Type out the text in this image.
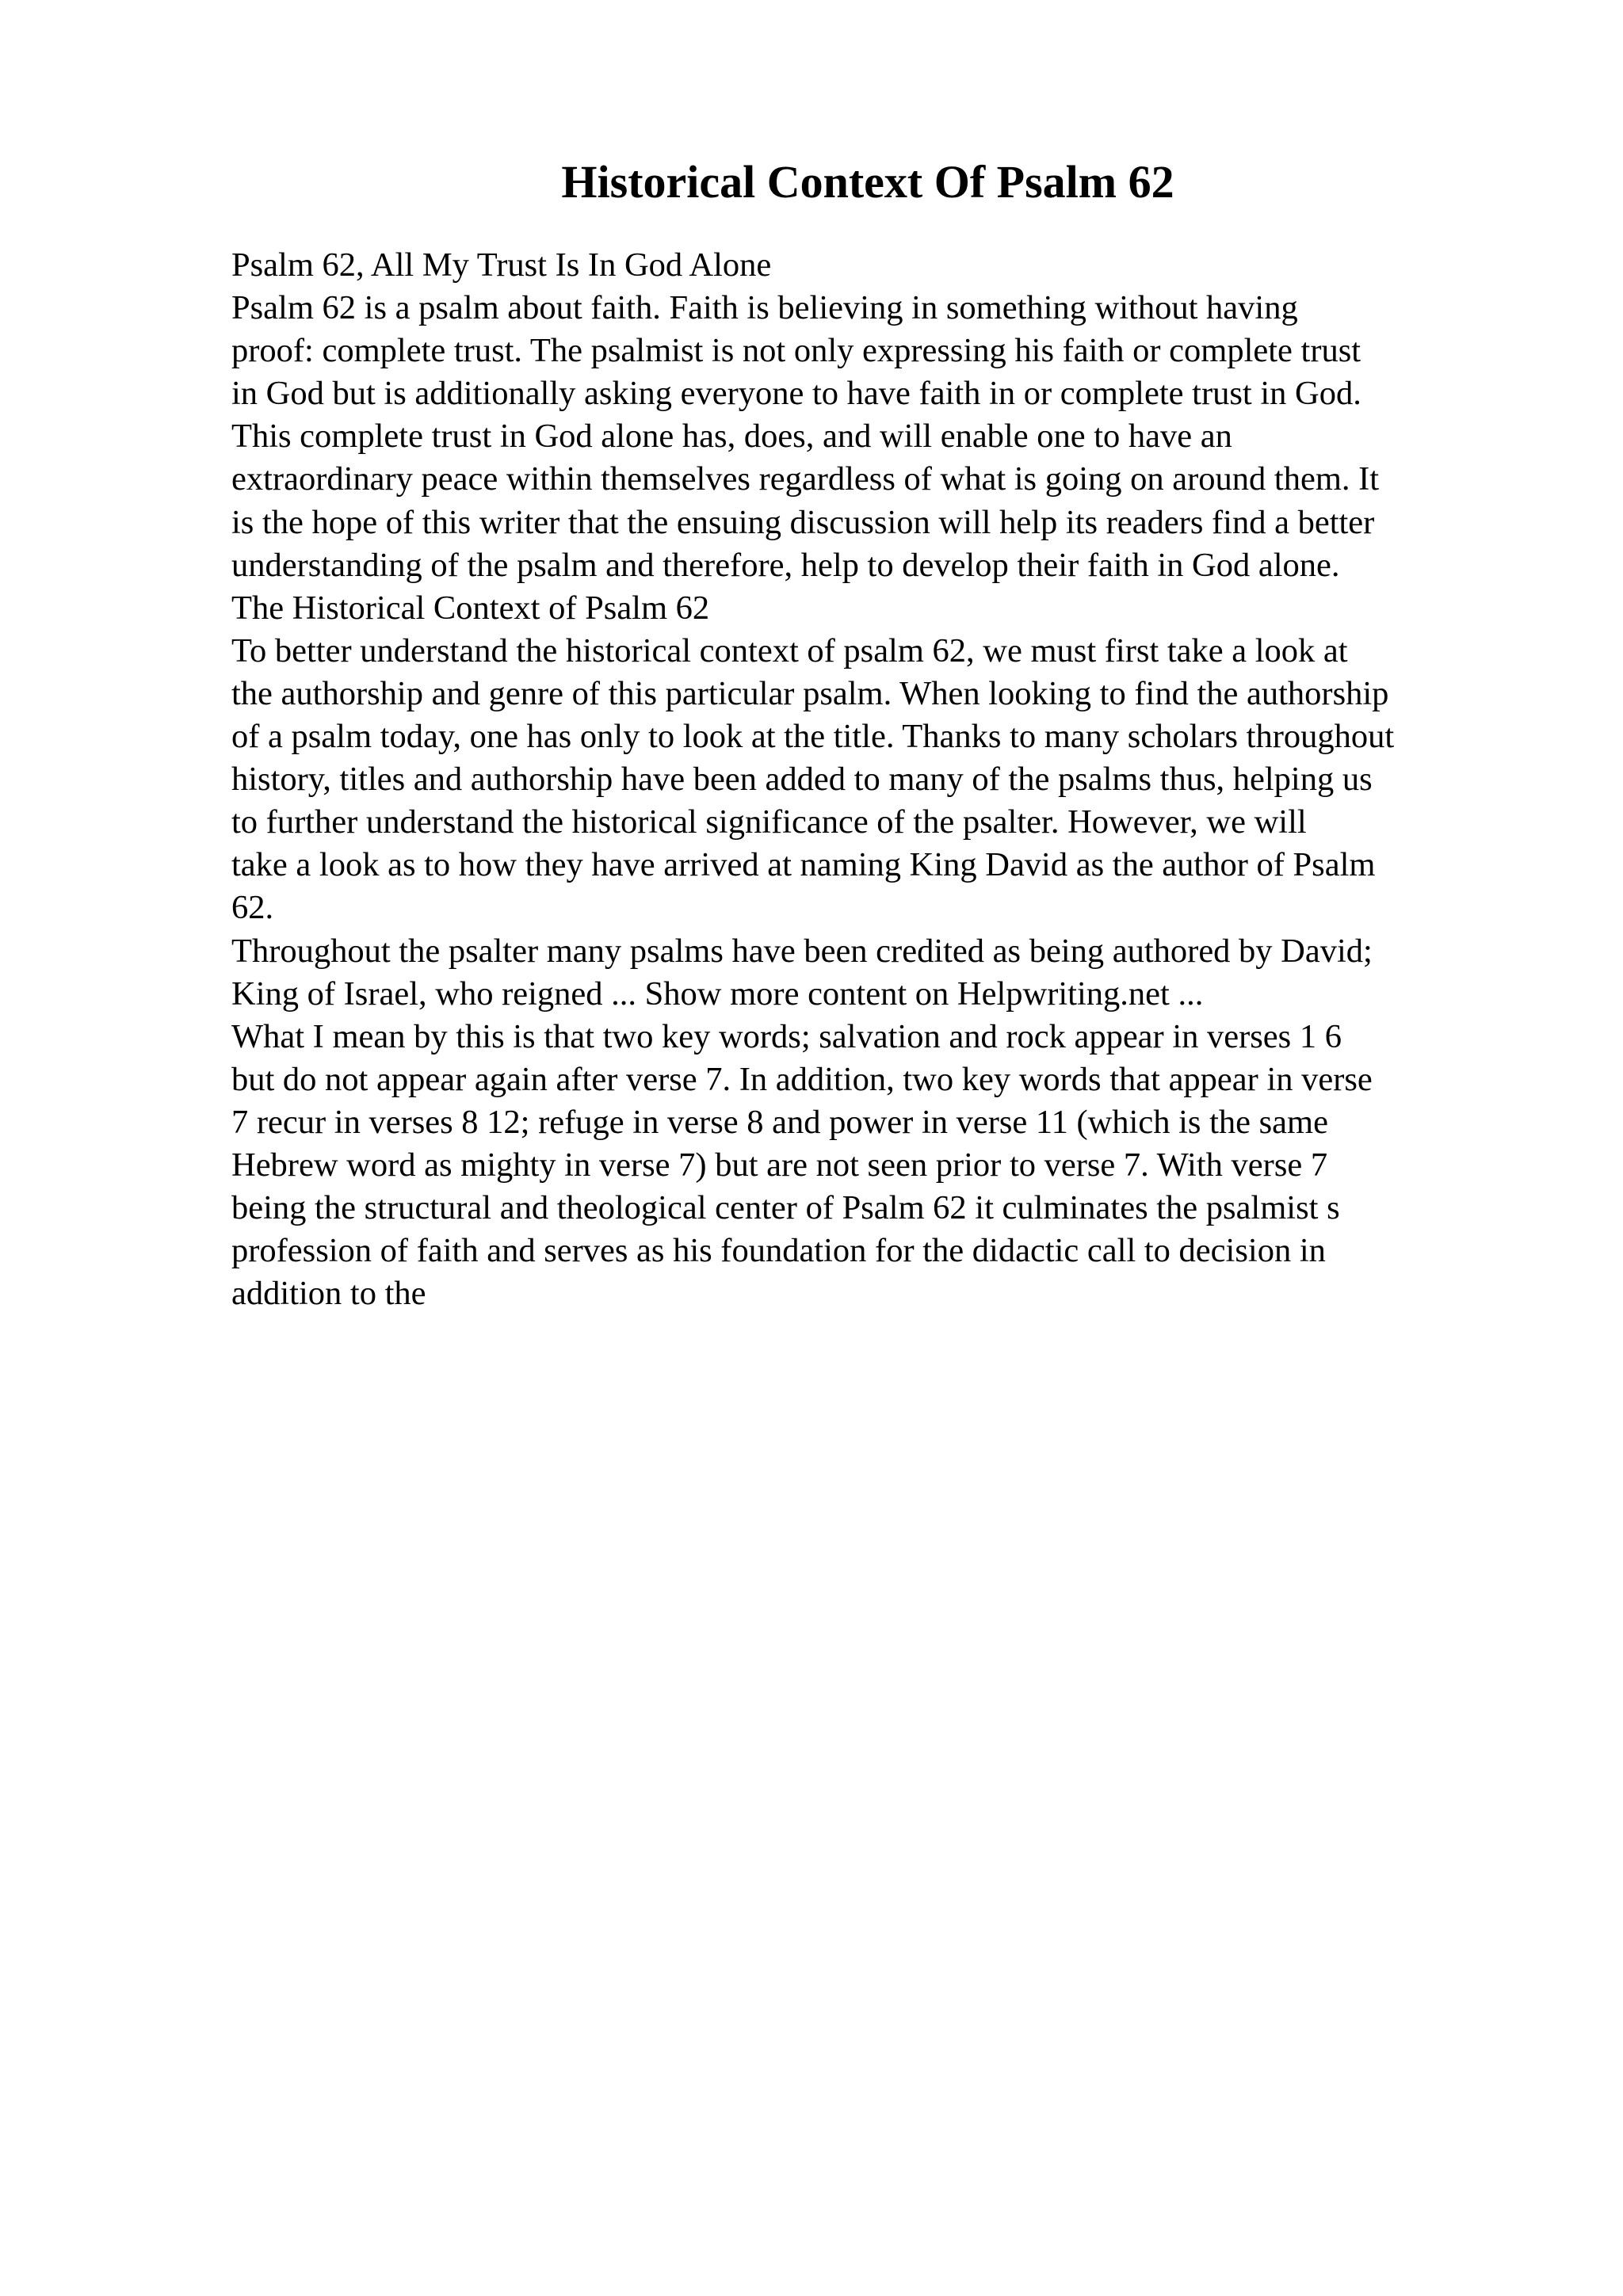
Historical Context Of Psalm 62
Psalm 62, All My Trust Is In God Alone
Psalm 62 is a psalm about faith. Faith is believing in something without having
proof: complete trust. The psalmist is not only expressing his faith or complete trust
in God but is additionally asking everyone to have faith in or complete trust in God.
This complete trust in God alone has, does, and will enable one to have an
extraordinary peace within themselves regardless of what is going on around them. It
is the hope of this writer that the ensuing discussion will help its readers find a better
understanding of the psalm and therefore, help to develop their faith in God alone.
The Historical Context of Psalm 62
To better understand the historical context of psalm 62, we must first take a look at
the authorship and genre of this particular psalm. When looking to find the authorship
of a psalm today, one has only to look at the title. Thanks to many scholars throughout
history, titles and authorship have been added to many of the psalms thus, helping us
to further understand the historical significance of the psalter. However, we will
take a look as to how they have arrived at naming King David as the author of Psalm
62.
Throughout the psalter many psalms have been credited as being authored by David;
King of Israel, who reigned ... Show more content on Helpwriting.net ...
What I mean by this is that two key words; salvation and rock appear in verses 1 6
but do not appear again after verse 7. In addition, two key words that appear in verse
7 recur in verses 8 12; refuge in verse 8 and power in verse 11 (which is the same
Hebrew word as mighty in verse 7) but are not seen prior to verse 7. With verse 7
being the structural and theological center of Psalm 62 it culminates the psalmist s
profession of faith and serves as his foundation for the didactic call to decision in
addition to the
